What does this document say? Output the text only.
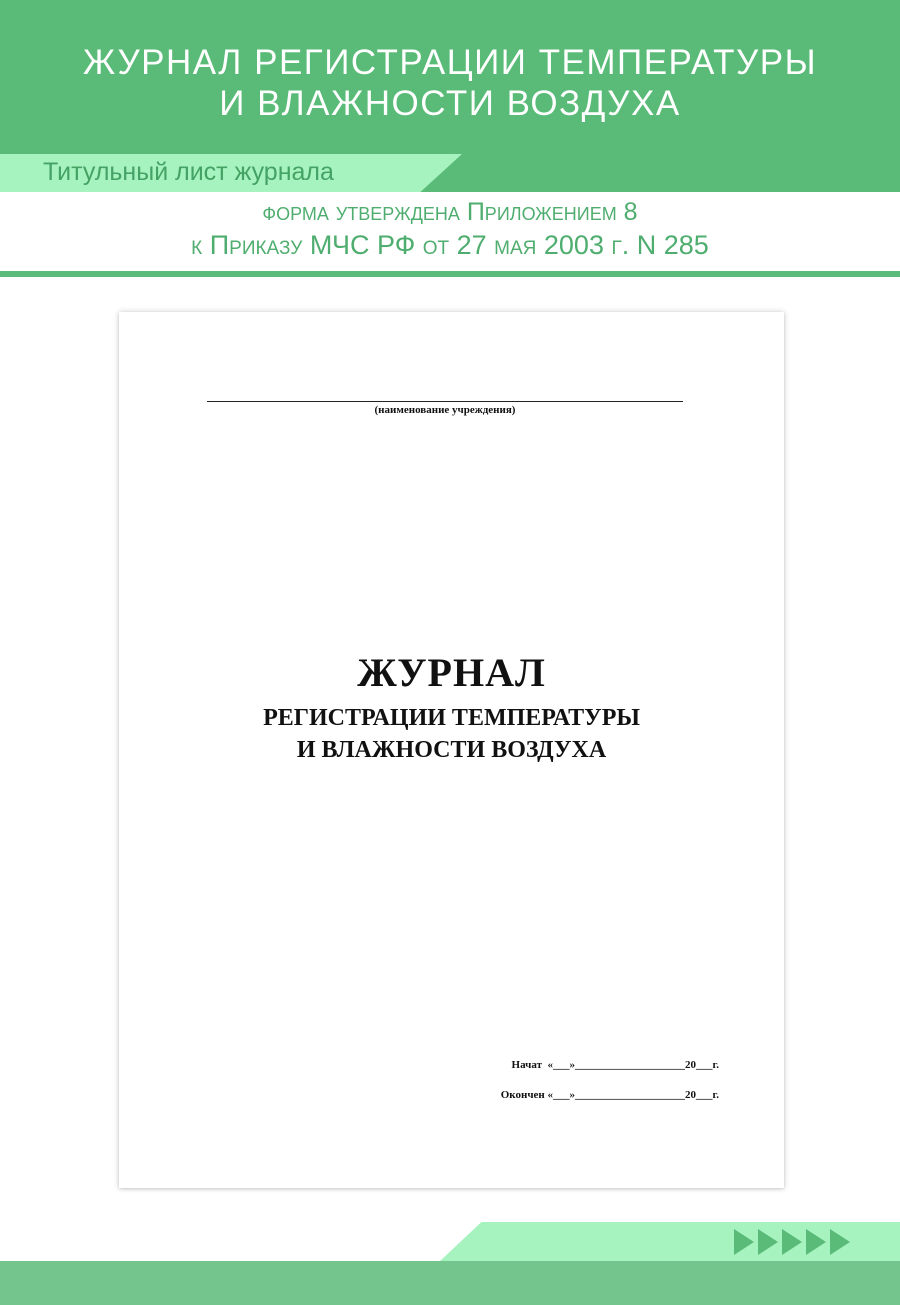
ЖУРНАЛ РЕГИСТРАЦИИ ТЕМПЕРАТУРЫ
И ВЛАЖНОСТИ ВОЗДУХА
Титульный лист журнала
форма утверждена Приложением 8
к Приказу МЧС РФ от 27 мая 2003 г. N 285
(наименование учреждения)
ЖУРНАЛ
РЕГИСТРАЦИИ ТЕМПЕРАТУРЫ
И ВЛАЖНОСТИ ВОЗДУХА
Начат  «___»____________________20___г.
Окончен «___»____________________20___г.
